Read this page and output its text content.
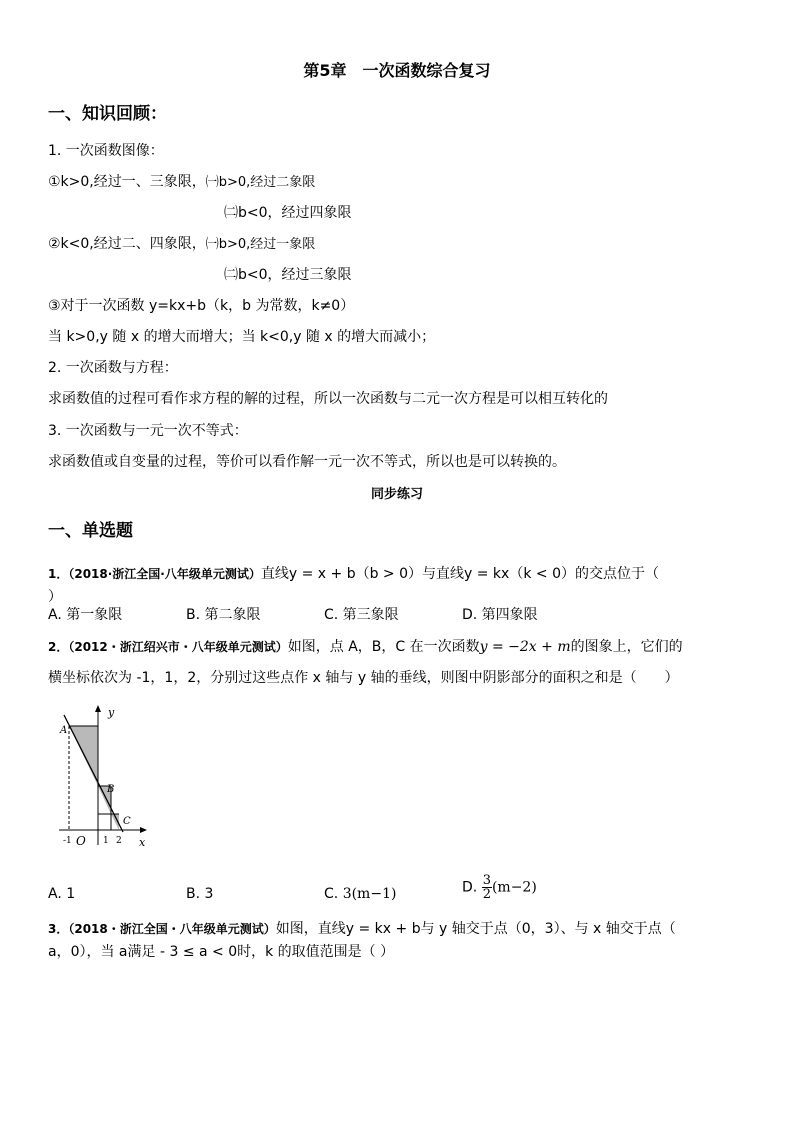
第5章　一次函数综合复习
一、知识回顾：
1. 一次函数图像：
①k>0,经过一、三象限，㈠b>0,经过二象限
㈡b<0，经过四象限
②k<0,经过二、四象限，㈠b>0,经过一象限
㈡b<0，经过三象限
③对于一次函数 y=kx+b（k，b 为常数，k≠0）
当 k>0,y 随 x 的增大而增大；当 k<0,y 随 x 的增大而减小；
2. 一次函数与方程：
求函数值的过程可看作求方程的解的过程，所以一次函数与二元一次方程是可以相互转化的
3. 一次函数与一元一次不等式：
求函数值或自变量的过程，等价可以看作解一元一次不等式，所以也是可以转换的。
同步练习
一、单选题
1．（2018·浙江全国·八年级单元测试）直线y = x + b（b > 0）与直线y = kx（k < 0）的交点位于（
）
A. 第一象限	B. 第二象限	C. 第三象限	D. 第四象限
2．（2012・浙江绍兴市・八年级单元测试）如图，点 A，B，C 在一次函数y = −2x + m的图象上，它们的
横坐标依次为 -1，1，2，分别过这些点作 x 轴与 y 轴的垂线，则图中阴影部分的面积之和是（　　）
y
x
A
B
C
O
-1	1 2
A. 1	B. 3	C. 3(m−1)	D. $\frac{3}{2} (m-2)$
3．（2018・浙江全国・八年级单元测试）如图，直线y = kx + b与 y 轴交于点（0，3）、与 x 轴交于点（
a，0），当 a满足 - 3 ≤ a < 0时，k 的取值范围是（ ）
